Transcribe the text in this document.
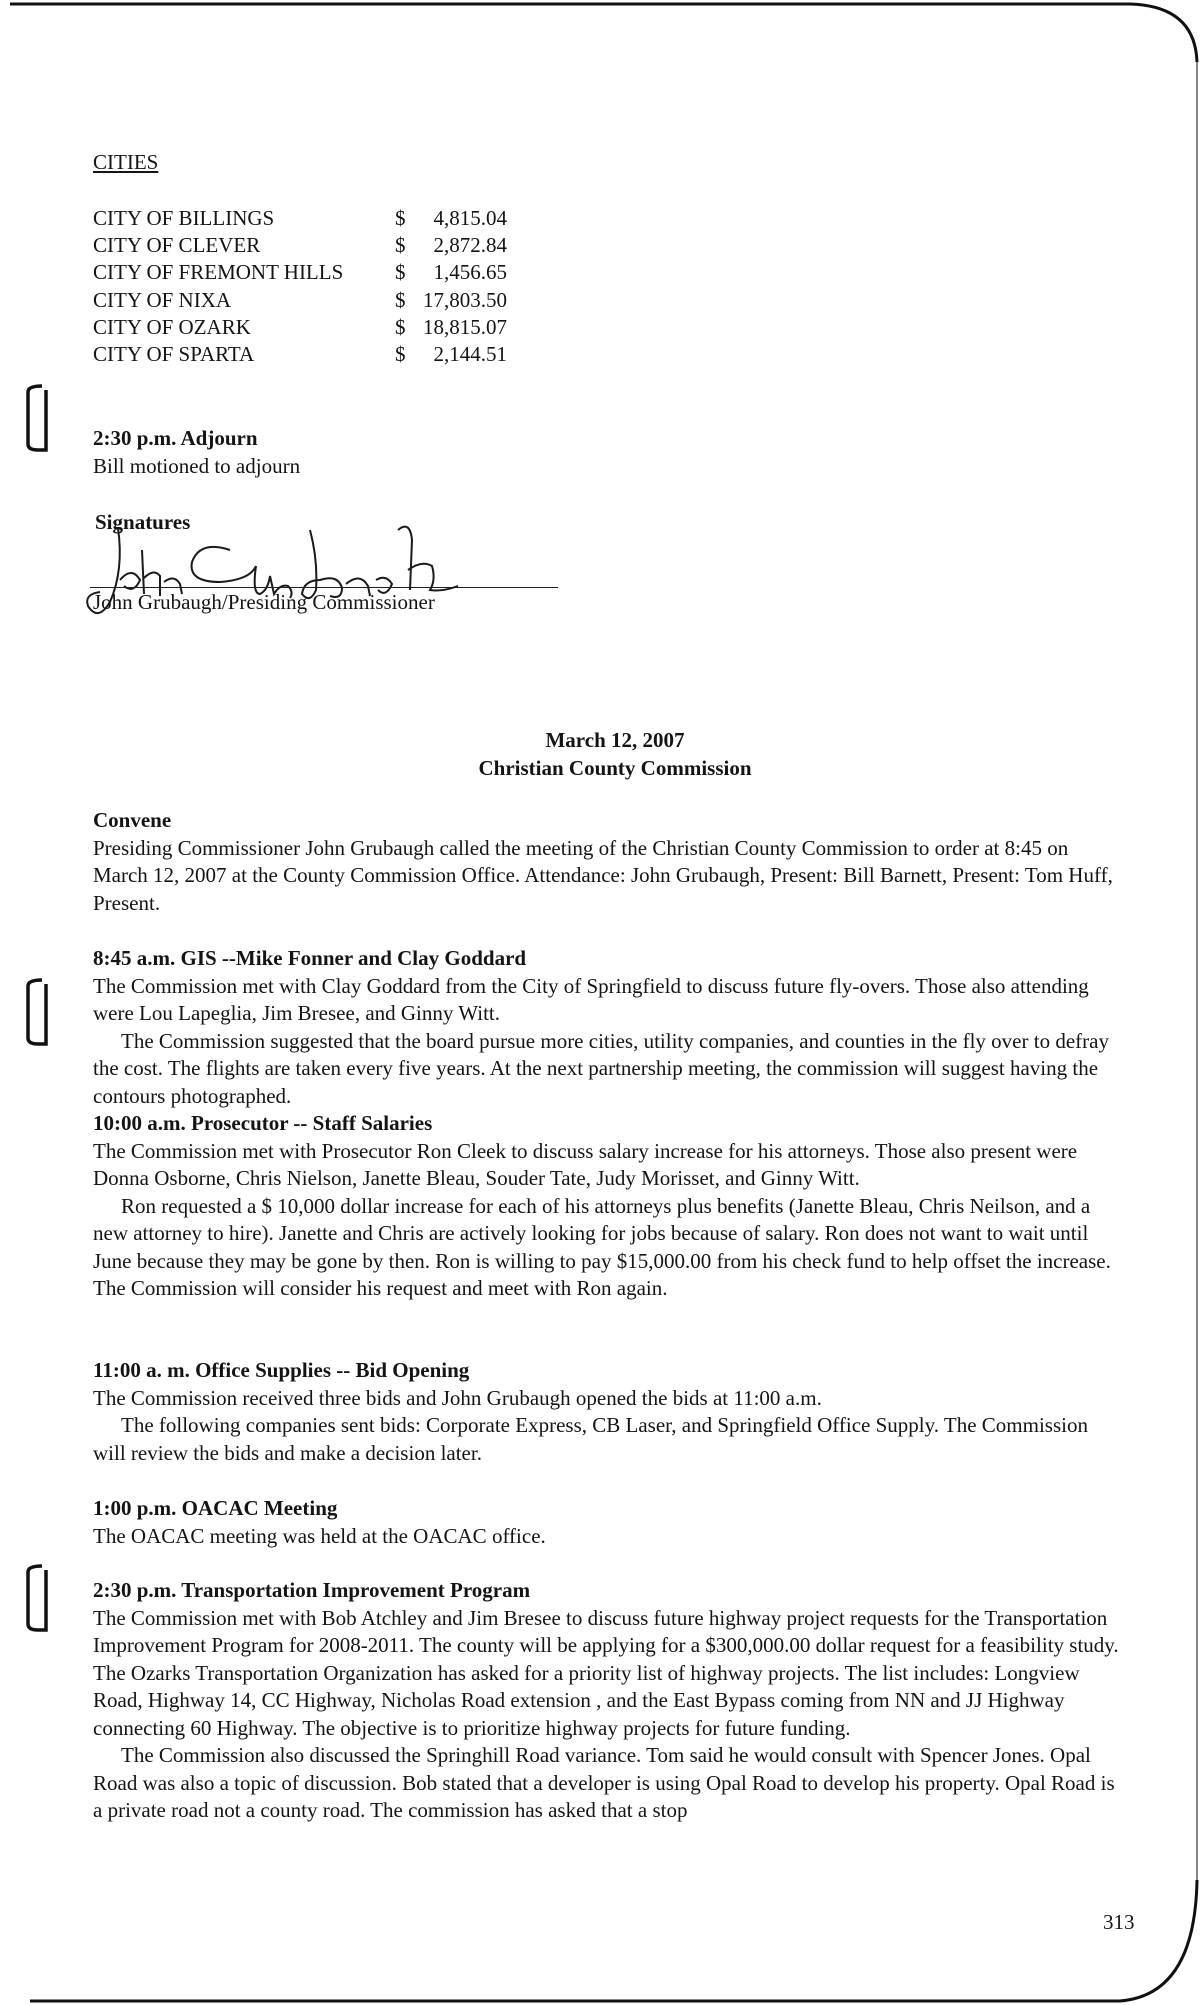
CITIES
CITY OF BILLINGS	$	4,815.04
CITY OF CLEVER	$	2,872.84
CITY OF FREMONT HILLS	$	1,456.65
CITY OF NIXA	$	17,803.50
CITY OF OZARK	$	18,815.07
CITY OF SPARTA	$	2,144.51
2:30 p.m. Adjourn
Bill motioned to adjourn
Signatures
John Grubaugh/Presiding Commissioner
March 12, 2007
Christian County Commission
Convene
Presiding Commissioner John Grubaugh called the meeting of the Christian County Commission to order at 8:45 on March 12, 2007 at the County Commission Office. Attendance: John Grubaugh, Present: Bill Barnett, Present: Tom Huff, Present.
8:45 a.m. GIS --Mike Fonner and Clay Goddard
The Commission met with Clay Goddard from the City of Springfield to discuss future fly-overs. Those also attending were Lou Lapeglia, Jim Bresee, and Ginny Witt.
The Commission suggested that the board pursue more cities, utility companies, and counties in the fly over to defray the cost. The flights are taken every five years. At the next partnership meeting, the commission will suggest having the contours photographed.
10:00 a.m. Prosecutor -- Staff Salaries
The Commission met with Prosecutor Ron Cleek to discuss salary increase for his attorneys. Those also present were Donna Osborne, Chris Nielson, Janette Bleau, Souder Tate, Judy Morisset, and Ginny Witt.
Ron requested a $ 10,000 dollar increase for each of his attorneys plus benefits (Janette Bleau, Chris Neilson, and a new attorney to hire). Janette and Chris are actively looking for jobs because of salary. Ron does not want to wait until June because they may be gone by then. Ron is willing to pay $15,000.00 from his check fund to help offset the increase. The Commission will consider his request and meet with Ron again.
11:00 a. m. Office Supplies -- Bid Opening
The Commission received three bids and John Grubaugh opened the bids at 11:00 a.m.
The following companies sent bids: Corporate Express, CB Laser, and Springfield Office Supply. The Commission will review the bids and make a decision later.
1:00 p.m. OACAC Meeting
The OACAC meeting was held at the OACAC office.
2:30 p.m. Transportation Improvement Program
The Commission met with Bob Atchley and Jim Bresee to discuss future highway project requests for the Transportation Improvement Program for 2008-2011. The county will be applying for a $300,000.00 dollar request for a feasibility study. The Ozarks Transportation Organization has asked for a priority list of highway projects. The list includes: Longview Road, Highway 14, CC Highway, Nicholas Road extension , and the East Bypass coming from NN and JJ Highway connecting 60 Highway. The objective is to prioritize highway projects for future funding.
The Commission also discussed the Springhill Road variance. Tom said he would consult with Spencer Jones. Opal Road was also a topic of discussion. Bob stated that a developer is using Opal Road to develop his property. Opal Road is a private road not a county road. The commission has asked that a stop
313
